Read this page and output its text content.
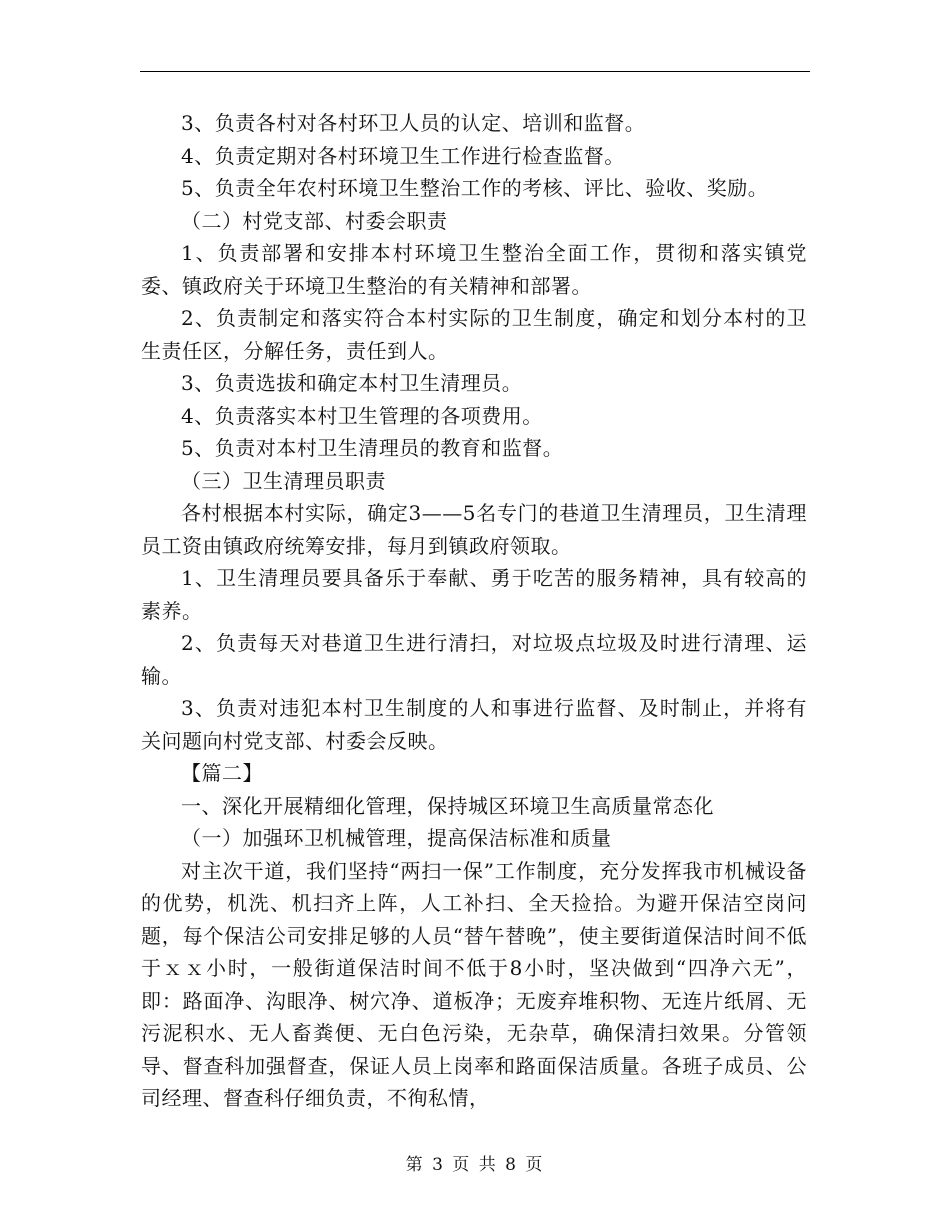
3、负责各村对各村环卫人员的认定、培训和监督。

4、负责定期对各村环境卫生工作进行检查监督。

5、负责全年农村环境卫生整治工作的考核、评比、验收、奖励。

（二）村党支部、村委会职责

1、负责部署和安排本村环境卫生整治全面工作，贯彻和落实镇党委、镇政府关于环境卫生整治的有关精神和部署。

2、负责制定和落实符合本村实际的卫生制度，确定和划分本村的卫生责任区，分解任务，责任到人。

3、负责选拔和确定本村卫生清理员。

4、负责落实本村卫生管理的各项费用。

5、负责对本村卫生清理员的教育和监督。

（三）卫生清理员职责

各村根据本村实际，确定3——5名专门的巷道卫生清理员，卫生清理员工资由镇政府统筹安排，每月到镇政府领取。

1、卫生清理员要具备乐于奉献、勇于吃苦的服务精神，具有较高的素养。

2、负责每天对巷道卫生进行清扫，对垃圾点垃圾及时进行清理、运输。

3、负责对违犯本村卫生制度的人和事进行监督、及时制止，并将有关问题向村党支部、村委会反映。

【篇二】

一、深化开展精细化管理，保持城区环境卫生高质量常态化

（一）加强环卫机械管理，提高保洁标准和质量

对主次干道，我们坚持“两扫一保”工作制度，充分发挥我市机械设备的优势，机洗、机扫齐上阵，人工补扫、全天捡拾。为避开保洁空岗问题，每个保洁公司安排足够的人员“替午替晚”，使主要街道保洁时间不低于ｘｘ小时，一般街道保洁时间不低于8小时，坚决做到“四净六无”，即：路面净、沟眼净、树穴净、道板净；无废弃堆积物、无连片纸屑、无污泥积水、无人畜粪便、无白色污染，无杂草，确保清扫效果。分管领导、督查科加强督查，保证人员上岗率和路面保洁质量。各班子成员、公司经理、督查科仔细负责，不徇私情，

第 3 页 共 8 页
